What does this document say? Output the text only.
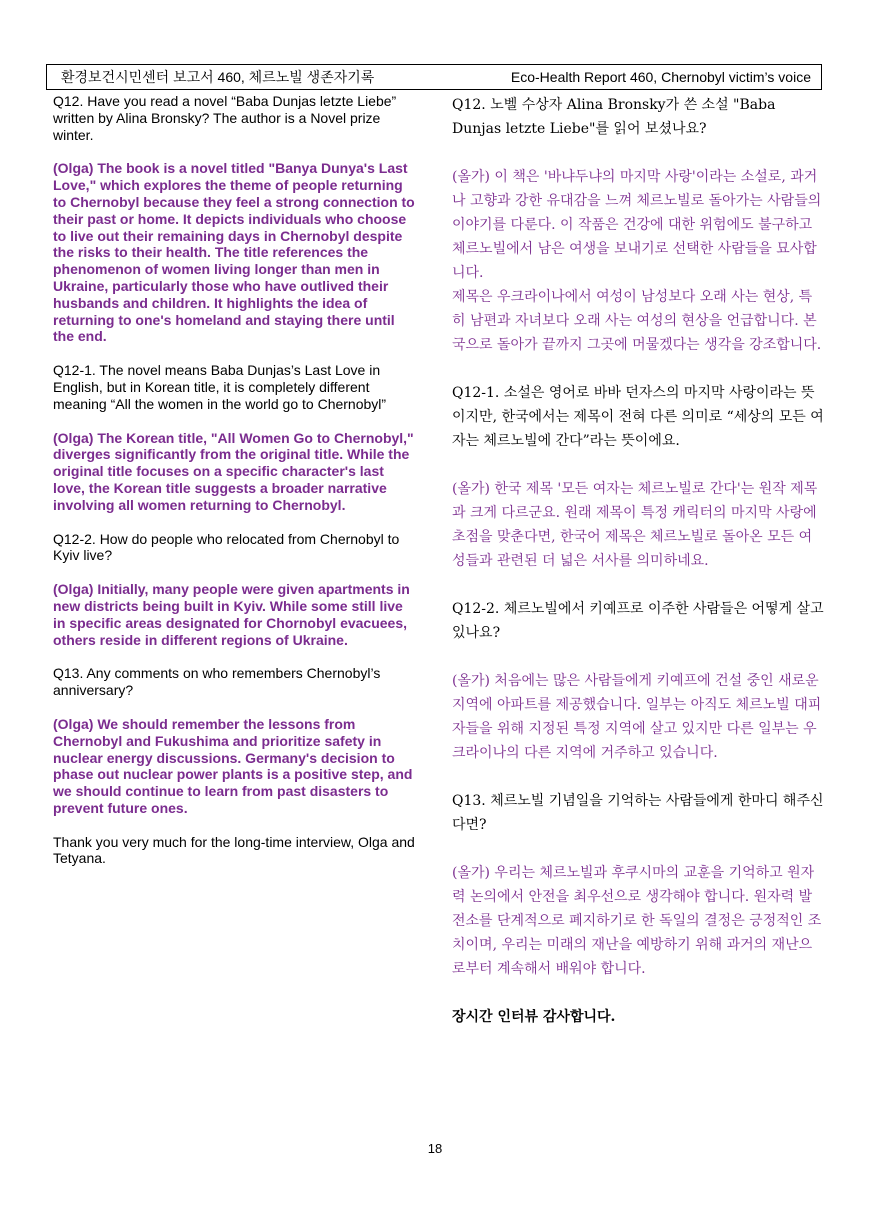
환경보건시민센터 보고서 460, 체르노빌 생존자기록	Eco-Health Report 460, Chernobyl victim’s voice

Q12. Have you read a novel “Baba Dunjas letzte Liebe” written by Alina Bronsky? The author is a Novel prize winter.

(Olga) The book is a novel titled "Banya Dunya's Last Love," which explores the theme of people returning to Chernobyl because they feel a strong connection to their past or home. It depicts individuals who choose to live out their remaining days in Chernobyl despite the risks to their health. The title references the phenomenon of women living longer than men in Ukraine, particularly those who have outlived their husbands and children. It highlights the idea of returning to one's homeland and staying there until the end.

Q12-1. The novel means Baba Dunjas’s Last Love in English, but in Korean title, it is completely different meaning “All the women in the world go to Chernobyl”

(Olga) The Korean title, "All Women Go to Chernobyl," diverges significantly from the original title. While the original title focuses on a specific character's last love, the Korean title suggests a broader narrative involving all women returning to Chernobyl.

Q12-2. How do people who relocated from Chernobyl to Kyiv live?

(Olga) Initially, many people were given apartments in new districts being built in Kyiv. While some still live in specific areas designated for Chornobyl evacuees, others reside in different regions of Ukraine.

Q13. Any comments on who remembers Chernobyl’s anniversary?

(Olga) We should remember the lessons from Chernobyl and Fukushima and prioritize safety in nuclear energy discussions. Germany's decision to phase out nuclear power plants is a positive step, and we should continue to learn from past disasters to prevent future ones.

Thank you very much for the long-time interview, Olga and Tetyana.

Q12. 노벨 수상자 Alina Bronsky가 쓴 소설 "Baba Dunjas letzte Liebe"를 읽어 보셨나요?

(올가) 이 책은 '바냐두냐의 마지막 사랑'이라는 소설로, 과거나 고향과 강한 유대감을 느껴 체르노빌로 돌아가는 사람들의 이야기를 다룬다. 이 작품은 건강에 대한 위험에도 불구하고 체르노빌에서 남은 여생을 보내기로 선택한 사람들을 묘사합니다.
제목은 우크라이나에서 여성이 남성보다 오래 사는 현상, 특히 남편과 자녀보다 오래 사는 여성의 현상을 언급합니다. 본국으로 돌아가 끝까지 그곳에 머물겠다는 생각을 강조합니다.

Q12-1. 소설은 영어로 바바 던자스의 마지막 사랑이라는 뜻이지만, 한국에서는 제목이 전혀 다른 의미로 “세상의 모든 여자는 체르노빌에 간다”라는 뜻이에요.

(올가) 한국 제목 '모든 여자는 체르노빌로 간다'는 원작 제목과 크게 다르군요. 원래 제목이 특정 캐릭터의 마지막 사랑에 초점을 맞춘다면, 한국어 제목은 체르노빌로 돌아온 모든 여성들과 관련된 더 넓은 서사를 의미하네요.

Q12-2. 체르노빌에서 키예프로 이주한 사람들은 어떻게 살고 있나요?

(올가) 처음에는 많은 사람들에게 키예프에 건설 중인 새로운 지역에 아파트를 제공했습니다. 일부는 아직도 체르노빌 대피자들을 위해 지정된 특정 지역에 살고 있지만 다른 일부는 우크라이나의 다른 지역에 거주하고 있습니다.

Q13. 체르노빌 기념일을 기억하는 사람들에게 한마디 해주신다면?

(올가) 우리는 체르노빌과 후쿠시마의 교훈을 기억하고 원자력 논의에서 안전을 최우선으로 생각해야 합니다. 원자력 발전소를 단계적으로 폐지하기로 한 독일의 결정은 긍정적인 조치이며, 우리는 미래의 재난을 예방하기 위해 과거의 재난으로부터 계속해서 배워야 합니다.

장시간 인터뷰 감사합니다.

18
